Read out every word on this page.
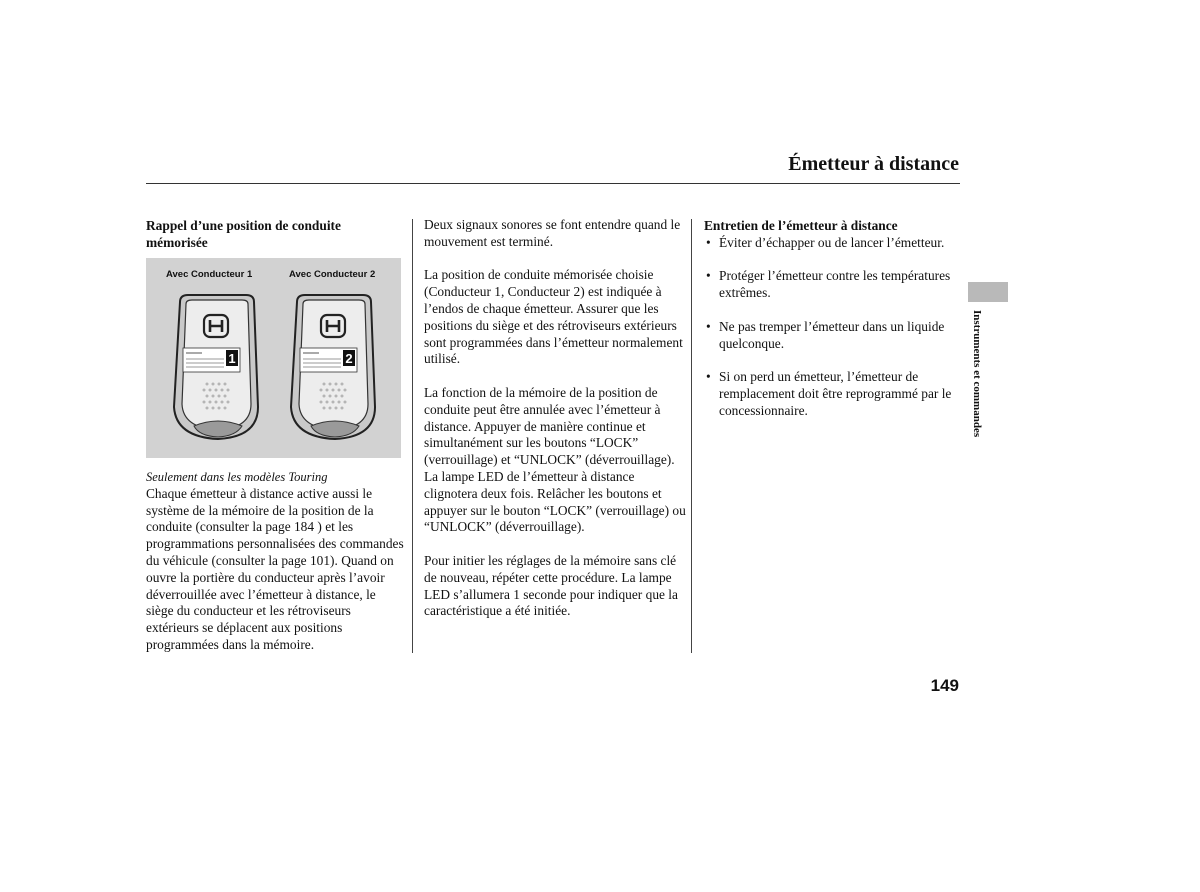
Émetteur à distance
Instruments et commandes
Rappel d’une position de conduite mémorisée
Avec Conducteur 1	Avec Conducteur 2
1	2
Seulement dans les modèles Touring

Chaque émetteur à distance active aussi le système de la mémoire de la position de la conduite (consulter la page 184 ) et les programmations personnalisées des commandes du véhicule (consulter la page 101). Quand on ouvre la portière du conducteur après l’avoir déverrouillée avec l’émetteur à distance, le siège du conducteur et les rétroviseurs extérieurs se déplacent aux positions programmées dans la mémoire.

Deux signaux sonores se font entendre quand le mouvement est terminé.

La position de conduite mémorisée choisie (Conducteur 1, Conducteur 2) est indiquée à l’endos de chaque émetteur. Assurer que les positions du siège et des rétroviseurs extérieurs sont programmées dans l’émetteur normalement utilisé.

La fonction de la mémoire de la position de conduite peut être annulée avec l’émetteur à distance. Appuyer de manière continue et simultanément sur les boutons “LOCK” (verrouillage) et “UNLOCK” (déverrouillage). La lampe LED de l’émetteur à distance clignotera deux fois. Relâcher les boutons et appuyer sur le bouton “LOCK” (verrouillage) ou “UNLOCK” (déverrouillage).

Pour initier les réglages de la mémoire sans clé de nouveau, répéter cette procédure. La lampe LED s’allumera 1 seconde pour indiquer que la caractéristique a été initiée.

Entretien de l’émetteur à distance
• Éviter d’échapper ou de lancer l’émetteur.
• Protéger l’émetteur contre les températures extrêmes.
• Ne pas tremper l’émetteur dans un liquide quelconque.
• Si on perd un émetteur, l’émetteur de remplacement doit être reprogrammé par le concessionnaire.
149
